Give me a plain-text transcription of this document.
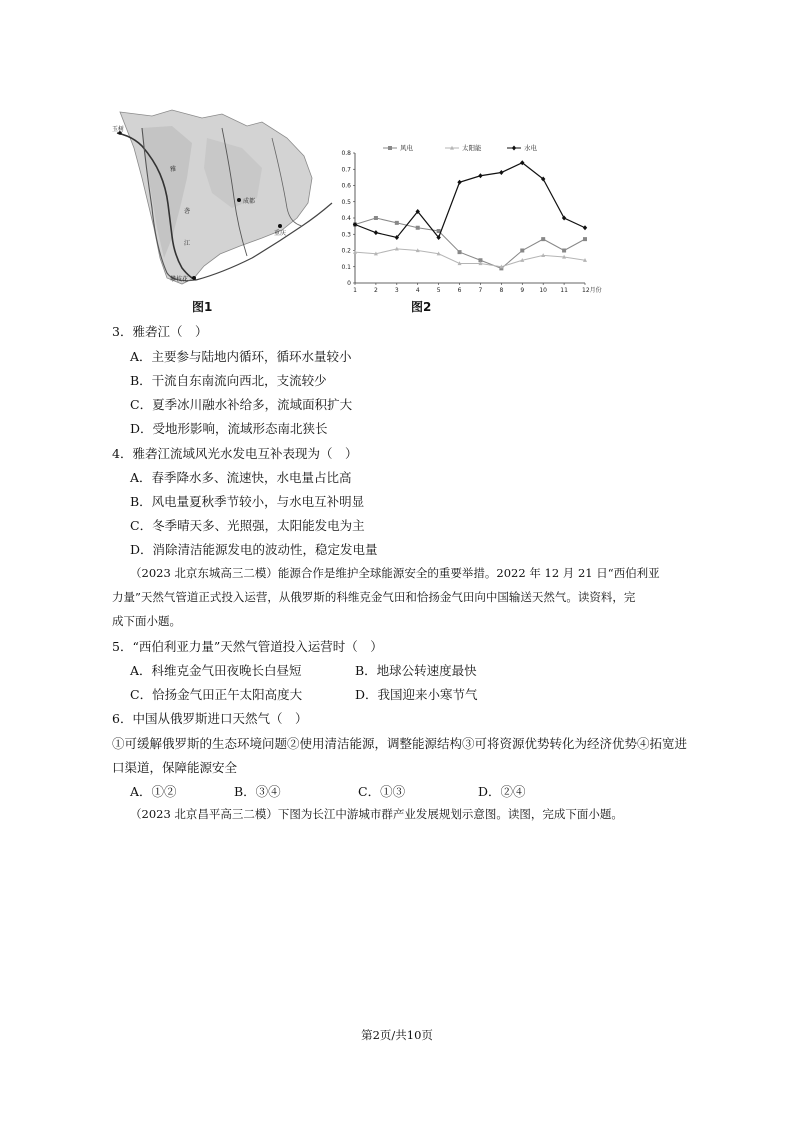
玉树
雅
砻
江
成都
重庆
攀枝花
图1
0
0.1
0.2
0.3
0.4
0.5
0.6
0.7
0.8
1	2	3	4	5	6	7	8	9	10 11 12月份
风电	太阳能	水电
图2
3．雅砻江（　）
A．主要参与陆地内循环，循环水量较小
B．干流自东南流向西北，支流较少
C．夏季冰川融水补给多，流域面积扩大
D．受地形影响，流域形态南北狭长
4．雅砻江流域风光水发电互补表现为（　）
A．春季降水多、流速快，水电量占比高
B．风电量夏秋季节较小，与水电互补明显
C．冬季晴天多、光照强，太阳能发电为主
D．消除清洁能源发电的波动性，稳定发电量
（2023 北京东城高三二模）能源合作是维护全球能源安全的重要举措。2022 年 12 月 21 日“西伯利亚
力量”天然气管道正式投入运营，从俄罗斯的科维克金气田和恰扬金气田向中国输送天然气。读资料，完
成下面小题。
5．“西伯利亚力量”天然气管道投入运营时（　）
A．科维克金气田夜晚长白昼短	B．地球公转速度最快
C．恰扬金气田正午太阳高度大	D．我国迎来小寒节气
6．中国从俄罗斯进口天然气（　）
①可缓解俄罗斯的生态环境问题②使用清洁能源，调整能源结构③可将资源优势转化为经济优势④拓宽进
口渠道，保障能源安全
A．①②	B．③④	C．①③	D．②④
（2023 北京昌平高三二模）下图为长江中游城市群产业发展规划示意图。读图，完成下面小题。
第2页/共10页
